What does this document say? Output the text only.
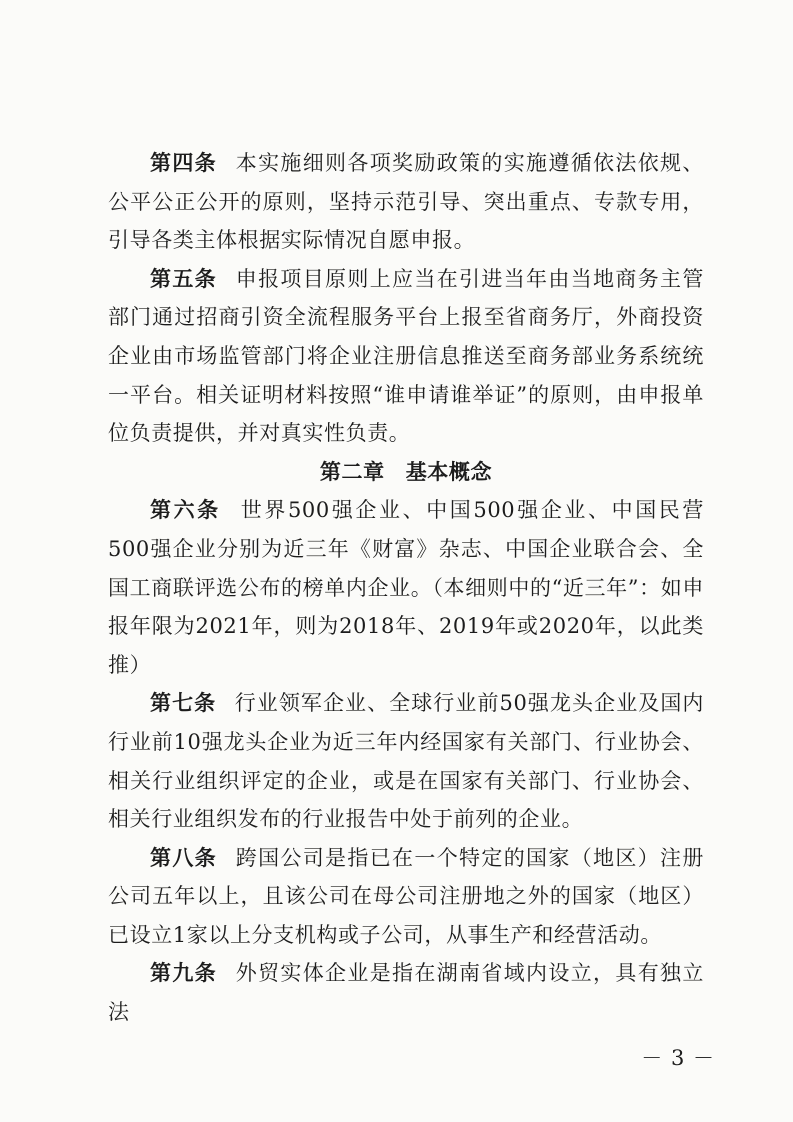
第四条 本实施细则各项奖励政策的实施遵循依法依规、公平公正公开的原则，坚持示范引导、突出重点、专款专用，引导各类主体根据实际情况自愿申报。

第五条 申报项目原则上应当在引进当年由当地商务主管部门通过招商引资全流程服务平台上报至省商务厅，外商投资企业由市场监管部门将企业注册信息推送至商务部业务系统统一平台。相关证明材料按照“谁申请谁举证”的原则，由申报单位负责提供，并对真实性负责。

第二章 基本概念

第六条 世界500强企业、中国500强企业、中国民营500强企业分别为近三年《财富》杂志、中国企业联合会、全国工商联评选公布的榜单内企业。（本细则中的“近三年”：如申报年限为2021年，则为2018年、2019年或2020年，以此类推）

第七条 行业领军企业、全球行业前50强龙头企业及国内行业前10强龙头企业为近三年内经国家有关部门、行业协会、相关行业组织评定的企业，或是在国家有关部门、行业协会、相关行业组织发布的行业报告中处于前列的企业。

第八条 跨国公司是指已在一个特定的国家（地区）注册公司五年以上，且该公司在母公司注册地之外的国家（地区）已设立1家以上分支机构或子公司，从事生产和经营活动。

第九条 外贸实体企业是指在湖南省域内设立，具有独立法

－ 3 －
